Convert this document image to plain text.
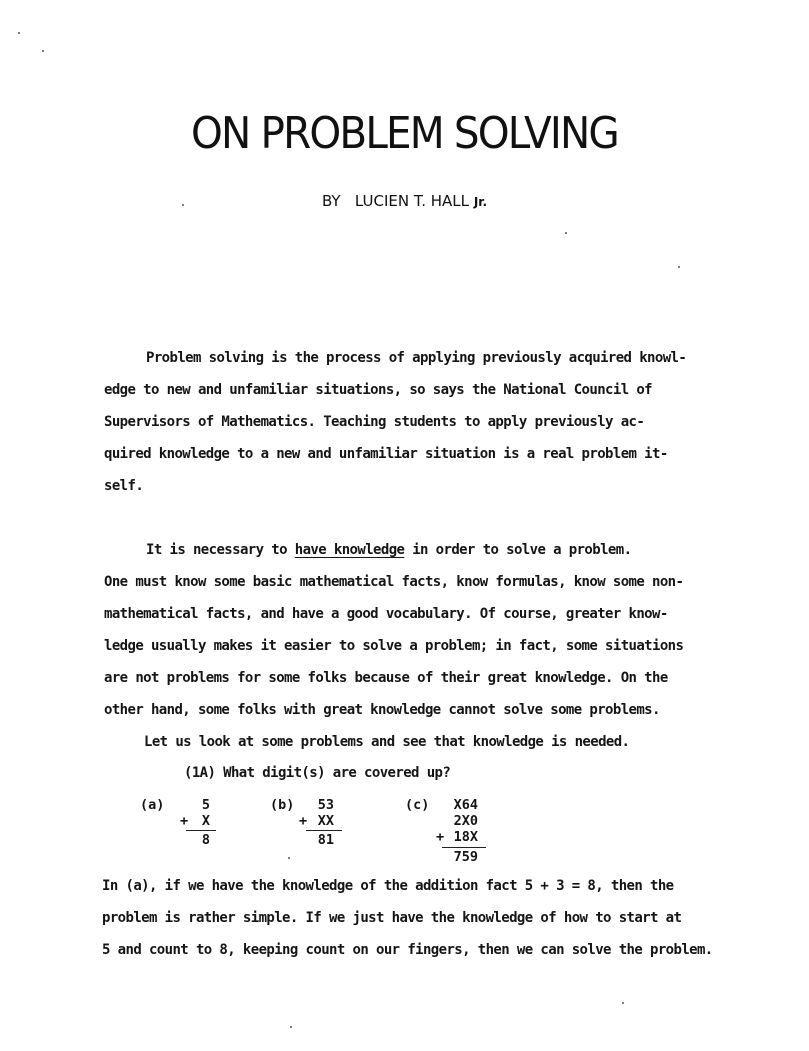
ON PROBLEM SOLVING
BY LUCIEN T. HALL Jr.
Problem solving is the process of applying previously acquired knowl-
edge to new and unfamiliar situations, so says the National Council of
Supervisors of Mathematics. Teaching students to apply previously ac-
quired knowledge to a new and unfamiliar situation is a real problem it-
self.
It is necessary to have knowledge in order to solve a problem.
One must know some basic mathematical facts, know formulas, know some non-
mathematical facts, and have a good vocabulary. Of course, greater know-
ledge usually makes it easier to solve a problem; in fact, some situations
are not problems for some folks because of their great knowledge. On the
other hand, some folks with great knowledge cannot solve some problems.
Let us look at some problems and see that knowledge is needed.
(1A) What digit(s) are covered up?
(a)	5
+	X
8
(b)	53
+ XX
81
(c)	X64
2X0
+ 18X
759
In (a), if we have the knowledge of the addition fact 5 + 3 = 8, then the
problem is rather simple. If we just have the knowledge of how to start at
5 and count to 8, keeping count on our fingers, then we can solve the problem.
